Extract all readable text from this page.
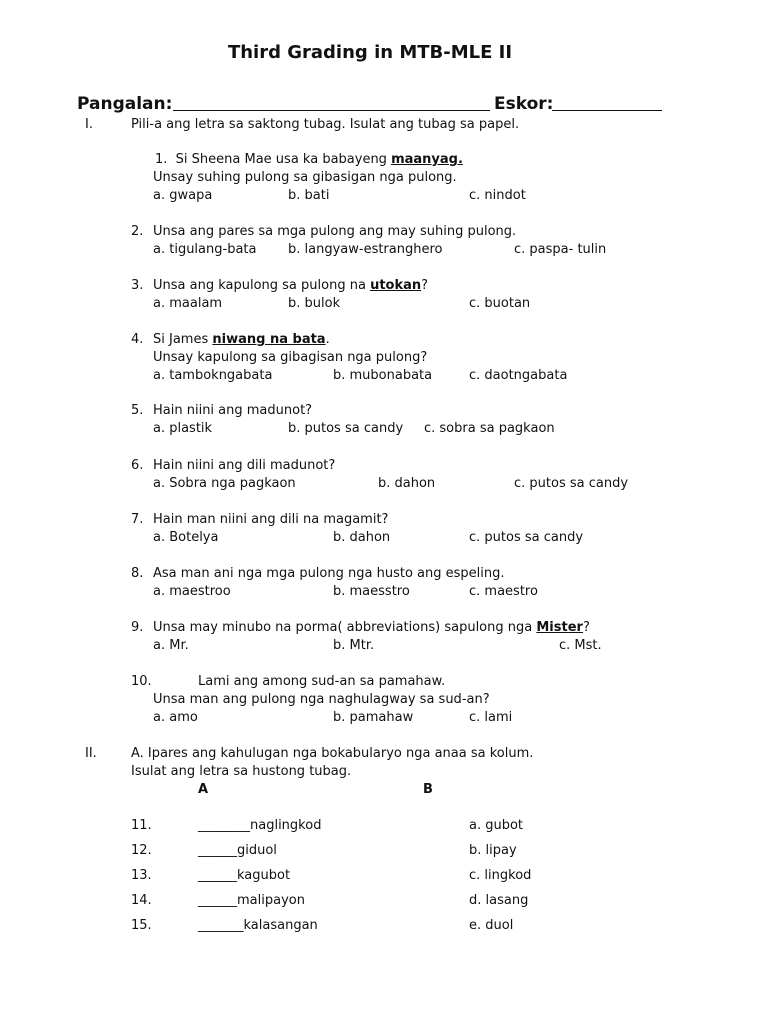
Third Grading in MTB-MLE II
Pangalan:	Eskor:
I.	Pili-a ang letra sa saktong tubag. Isulat ang tubag sa papel.
1. Si Sheena Mae usa ka babayeng maanyag.
Unsay suhing pulong sa gibasigan nga pulong.
a. gwapa	b. bati	c. nindot
2. Unsa ang pares sa mga pulong ang may suhing pulong.
a. tigulang-bata b. langyaw-estranghero	c. paspa- tulin
3. Unsa ang kapulong sa pulong na utokan?
a. maalam	b. bulok	c. buotan
4. Si James niwang na bata.
Unsay kapulong sa gibagisan nga pulong?
a. tambokngabata	b. mubonabata	c. daotngabata
5. Hain niini ang madunot?
a. plastik	b. putos sa candy c. sobra sa pagkaon
6. Hain niini ang dili madunot?
a. Sobra nga pagkaon	b. dahon	c. putos sa candy
7. Hain man niini ang dili na magamit?
a. Botelya	b. dahon	c. putos sa candy
8. Asa man ani nga mga pulong nga husto ang espeling.
a. maestroo	b. maesstro	c. maestro
9. Unsa may minubo na porma( abbreviations) sapulong nga Mister?
a. Mr.	b. Mtr.	c. Mst.
10.	Lami ang among sud-an sa pamahaw.
Unsa man ang pulong nga naghulagway sa sud-an?
a. amo	b. pamahaw	c. lami
II.	A. Ipares ang kahulugan nga bokabularyo nga anaa sa kolum.
Isulat ang letra sa hustong tubag.
A	B
11.	________naglingkod	a. gubot
12.	______giduol	b. lipay
13.	______kagubot	c. lingkod
14.	______malipayon	d. lasang
15.	_______kalasangan	e. duol
